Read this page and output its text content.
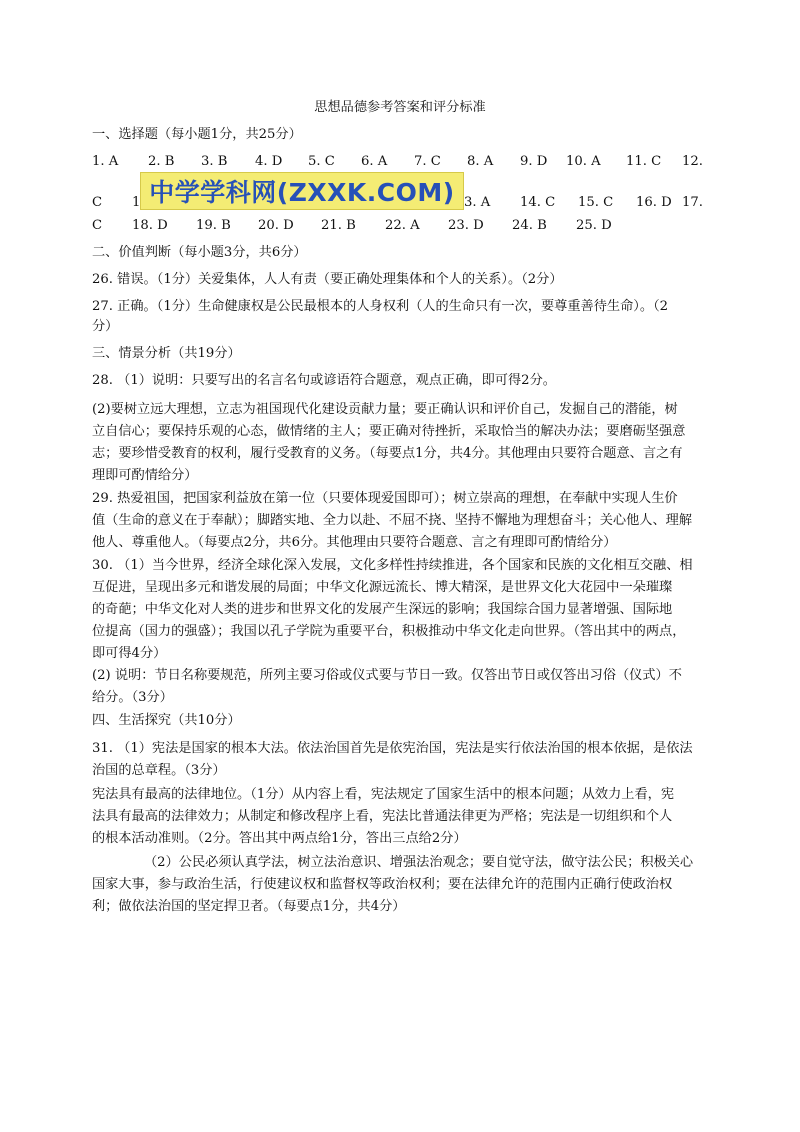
思想品德参考答案和评分标准
一、选择题（每小题1分，共25分）
1. A 2. B 3. B 4. D 5. C 6. A 7. C 8. A 9. D 10. A 11. C 12.
C 1	3. A 14. C 15. C 16. D 17.
中学学科网(ZXXK.COM)
C 18. D 19. B 20. D 21. B 22. A 23. D 24. B 25. D
二、价值判断（每小题3分，共6分）
26. 错误。（1分）关爱集体，人人有责（要正确处理集体和个人的关系）。（2分）
27. 正确。（1分）生命健康权是公民最根本的人身权利（人的生命只有一次，要尊重善待生命）。（2
分）
三、情景分析（共19分）
28. （1）说明：只要写出的名言名句或谚语符合题意，观点正确，即可得2分。
(2)要树立远大理想，立志为祖国现代化建设贡献力量；要正确认识和评价自己，发掘自己的潜能，树
立自信心；要保持乐观的心态，做情绪的主人；要正确对待挫折，采取恰当的解决办法；要磨砺坚强意
志；要珍惜受教育的权利，履行受教育的义务。（每要点1分，共4分。其他理由只要符合题意、言之有
理即可酌情给分）
29. 热爱祖国，把国家利益放在第一位（只要体现爱国即可）；树立崇高的理想，在奉献中实现人生价
值（生命的意义在于奉献）；脚踏实地、全力以赴、不屈不挠、坚持不懈地为理想奋斗；关心他人、理解
他人、尊重他人。（每要点2分，共6分。其他理由只要符合题意、言之有理即可酌情给分）
30. （1）当今世界，经济全球化深入发展，文化多样性持续推进，各个国家和民族的文化相互交融、相
互促进，呈现出多元和谐发展的局面；中华文化源远流长、博大精深，是世界文化大花园中一朵璀璨
的奇葩；中华文化对人类的进步和世界文化的发展产生深远的影响；我国综合国力显著增强、国际地
位提高（国力的强盛）；我国以孔子学院为重要平台，积极推动中华文化走向世界。（答出其中的两点，
即可得4分）
(2) 说明：节日名称要规范，所列主要习俗或仪式要与节日一致。仅答出节日或仅答出习俗（仪式）不
给分。（3分）
四、生活探究（共10分）
31. （1）宪法是国家的根本大法。依法治国首先是依宪治国，宪法是实行依法治国的根本依据，是依法
治国的总章程。（3分）
宪法具有最高的法律地位。（1分）从内容上看，宪法规定了国家生活中的根本问题；从效力上看，宪
法具有最高的法律效力；从制定和修改程序上看，宪法比普通法律更为严格；宪法是一切组织和个人
的根本活动准则。（2分。答出其中两点给1分，答出三点给2分）
（2）公民必须认真学法，树立法治意识、增强法治观念；要自觉守法，做守法公民；积极关心
国家大事，参与政治生活，行使建议权和监督权等政治权利；要在法律允许的范围内正确行使政治权
利；做依法治国的坚定捍卫者。（每要点1分，共4分）
